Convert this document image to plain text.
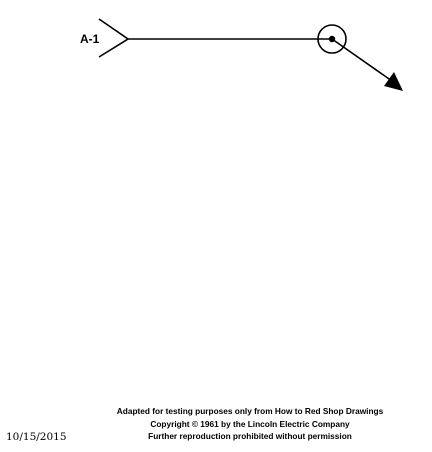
A-1
10/15/2015
Adapted for testing purposes only from How to Red Shop Drawings
Copyright © 1961 by the Lincoln Electric Company
Further reproduction prohibited without permission
